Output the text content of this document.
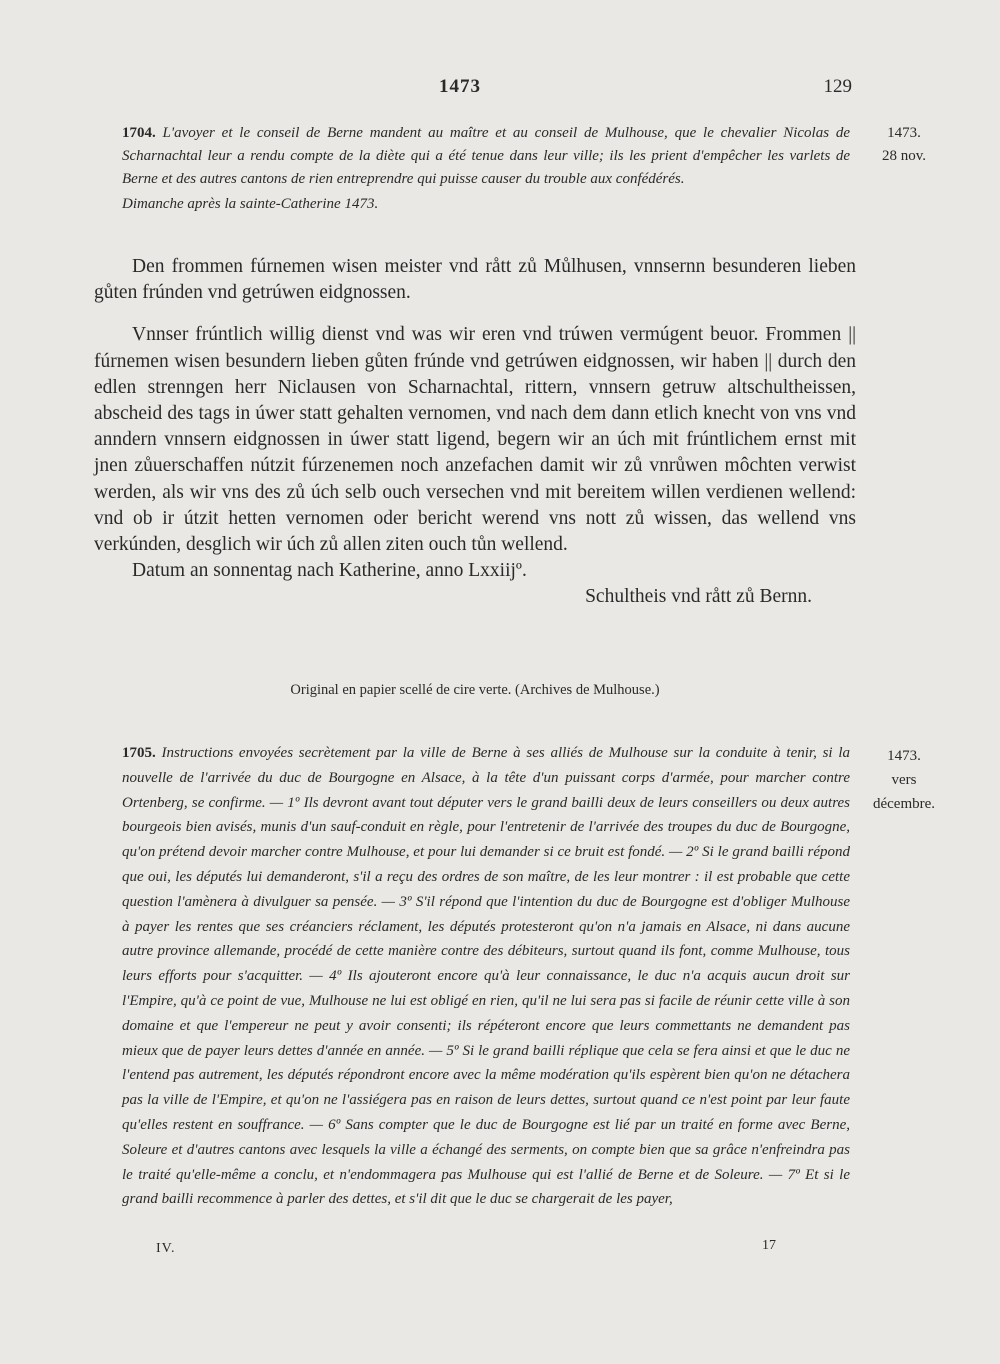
1473	129

1704. L'avoyer et le conseil de Berne mandent au maître et au conseil de Mulhouse, que le chevalier Nicolas de Scharnachtal leur a rendu compte de la diète qui a été tenue dans leur ville; ils les prient d'empêcher les varlets de Berne et des autres cantons de rien entreprendre qui puisse causer du trouble aux confédérés.

Dimanche après la sainte-Catherine 1473.

1473.
28 nov.

Den frommen fúrnemen wisen meister vnd rått zů Můlhusen, vnnsernn besunderen lieben gůten frúnden vnd getrúwen eidgnossen.

Vnnser frúntlich willig dienst vnd was wir eren vnd trúwen vermúgent beuor. Frommen || fúrnemen wisen besundern lieben gůten frúnde vnd getrúwen eidgnossen, wir haben || durch den edlen strenngen herr Niclausen von Scharnachtal, rittern, vnnsern getruw altschultheissen, abscheid des tags in úwer statt gehalten vernomen, vnd nach dem dann etlich knecht von vns vnd anndern vnnsern eidgnossen in úwer statt ligend, begern wir an úch mit frúntlichem ernst mit jnen zůuerschaffen nútzit fúrzenemen noch anzefachen damit wir zů vnrůwen môchten verwist werden, als wir vns des zů úch selb ouch versechen vnd mit bereitem willen verdienen wellend: vnd ob ir útzit hetten vernomen oder bericht werend vns nott zů wissen, das wellend vns verkúnden, desglich wir úch zů allen ziten ouch tůn wellend.

Datum an sonnentag nach Katherine, anno Lxxiijº.

Schultheis vnd rått zů Bernn.

Original en papier scellé de cire verte. (Archives de Mulhouse.)

1705. Instructions envoyées secrètement par la ville de Berne à ses alliés de Mulhouse sur la conduite à tenir, si la nouvelle de l'arrivée du duc de Bourgogne en Alsace, à la tête d'un puissant corps d'armée, pour marcher contre Ortenberg, se confirme. — 1º Ils devront avant tout députer vers le grand bailli deux de leurs conseillers ou deux autres bourgeois bien avisés, munis d'un sauf-conduit en règle, pour l'entretenir de l'arrivée des troupes du duc de Bourgogne, qu'on prétend devoir marcher contre Mulhouse, et pour lui demander si ce bruit est fondé. — 2º Si le grand bailli répond que oui, les députés lui demanderont, s'il a reçu des ordres de son maître, de les leur montrer : il est probable que cette question l'amènera à divulguer sa pensée. — 3º S'il répond que l'intention du duc de Bourgogne est d'obliger Mulhouse à payer les rentes que ses créanciers réclament, les députés protesteront qu'on n'a jamais en Alsace, ni dans aucune autre province allemande, procédé de cette manière contre des débiteurs, surtout quand ils font, comme Mulhouse, tous leurs efforts pour s'acquitter. — 4º Ils ajouteront encore qu'à leur connaissance, le duc n'a acquis aucun droit sur l'Empire, qu'à ce point de vue, Mulhouse ne lui est obligé en rien, qu'il ne lui sera pas si facile de réunir cette ville à son domaine et que l'empereur ne peut y avoir consenti; ils répéteront encore que leurs commettants ne demandent pas mieux que de payer leurs dettes d'année en année. — 5º Si le grand bailli réplique que cela se fera ainsi et que le duc ne l'entend pas autrement, les députés répondront encore avec la même modération qu'ils espèrent bien qu'on ne détachera pas la ville de l'Empire, et qu'on ne l'assiégera pas en raison de leurs dettes, surtout quand ce n'est point par leur faute qu'elles restent en souffrance. — 6º Sans compter que le duc de Bourgogne est lié par un traité en forme avec Berne, Soleure et d'autres cantons avec lesquels la ville a échangé des serments, on compte bien que sa grâce n'enfreindra pas le traité qu'elle-même a conclu, et n'endommagera pas Mulhouse qui est l'allié de Berne et de Soleure. — 7º Et si le grand bailli recommence à parler des dettes, et s'il dit que le duc se chargerait de les payer,

1473.
vers
décembre.
IV.	17
